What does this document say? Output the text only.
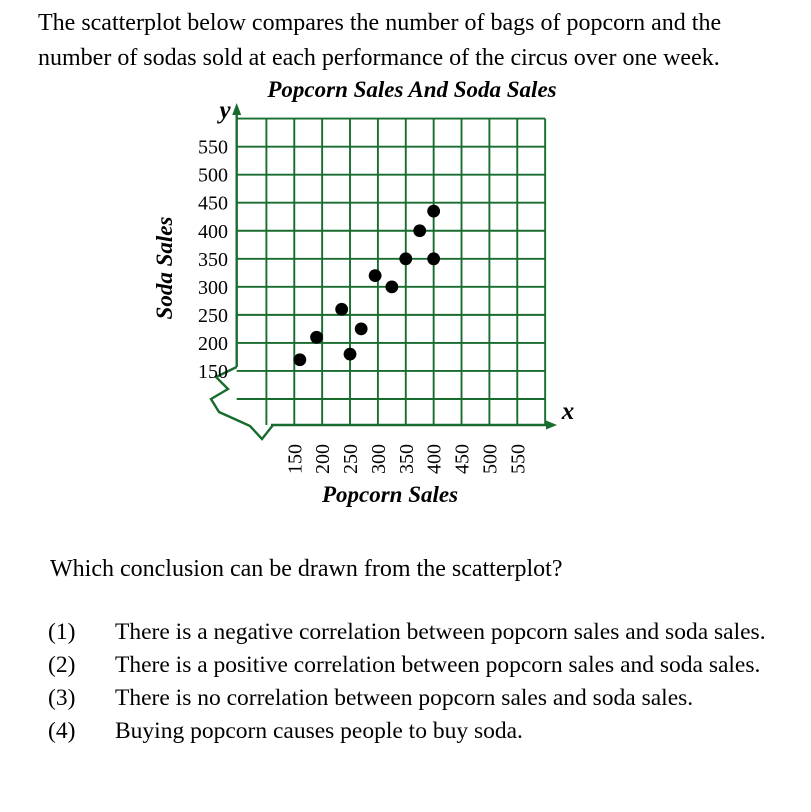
The scatterplot below compares the number of bags of popcorn and the number of sodas sold at each performance of the circus over one week.

150
200
250
300
350
400
450
500
550
150 200 250 300 350 400 450 500 550
Popcorn Sales And Soda Sales
Popcorn Sales
Soda Sales
y
x

Which conclusion can be drawn from the scatterplot?

(1)	There is a negative correlation between popcorn sales and soda sales.
(2)	There is a positive correlation between popcorn sales and soda sales.
(3)	There is no correlation between popcorn sales and soda sales.
(4)	Buying popcorn causes people to buy soda.
